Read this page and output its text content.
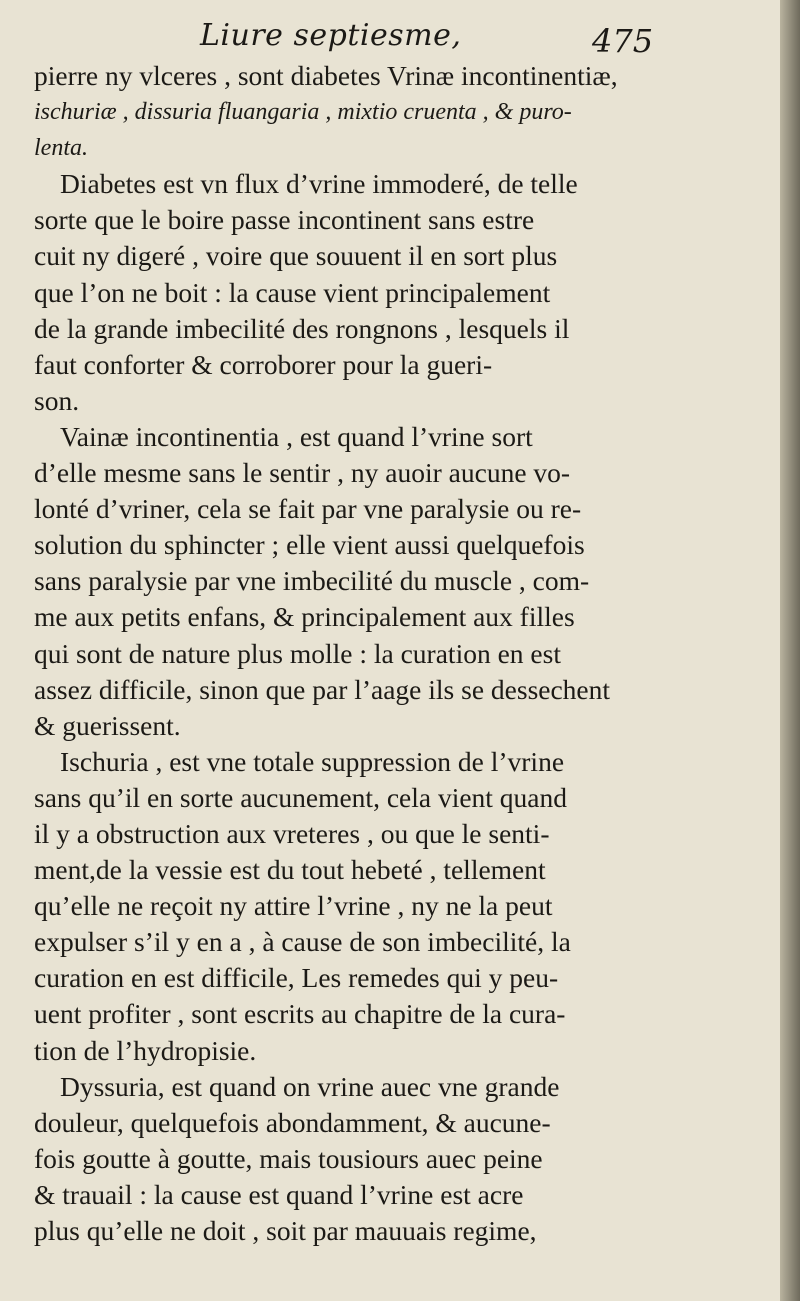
Liure septiesme,	475
pierre ny vlceres , sont diabetes Vrinæ incontinentiæ,
ischuriæ , dissuria fluangaria , mixtio cruenta , & puro-
lenta.
Diabetes est vn flux d’vrine immoderé, de telle
sorte que le boire passe incontinent sans estre
cuit ny digeré , voire que souuent il en sort plus
que l’on ne boit : la cause vient principalement
de la grande imbecilité des rongnons , lesquels il
faut conforter & corroborer pour la gueri-
son.
Vainæ incontinentia , est quand l’vrine sort
d’elle mesme sans le sentir , ny auoir aucune vo-
lonté d’vriner, cela se fait par vne paralysie ou re-
solution du sphincter ; elle vient aussi quelquefois
sans paralysie par vne imbecilité du muscle , com-
me aux petits enfans, & principalement aux filles
qui sont de nature plus molle : la curation en est
assez difficile, sinon que par l’aage ils se dessechent
& guerissent.
Ischuria , est vne totale suppression de l’vrine
sans qu’il en sorte aucunement, cela vient quand
il y a obstruction aux vreteres , ou que le senti-
ment,de la vessie est du tout hebeté , tellement
qu’elle ne reçoit ny attire l’vrine , ny ne la peut
expulser s’il y en a , à cause de son imbecilité, la
curation en est difficile, Les remedes qui y peu-
uent profiter , sont escrits au chapitre de la cura-
tion de l’hydropisie.
Dyssuria, est quand on vrine auec vne grande
douleur, quelquefois abondamment, & aucune-
fois goutte à goutte, mais tousiours auec peine
& trauail : la cause est quand l’vrine est acre
plus qu’elle ne doit , soit par mauuais regime,
